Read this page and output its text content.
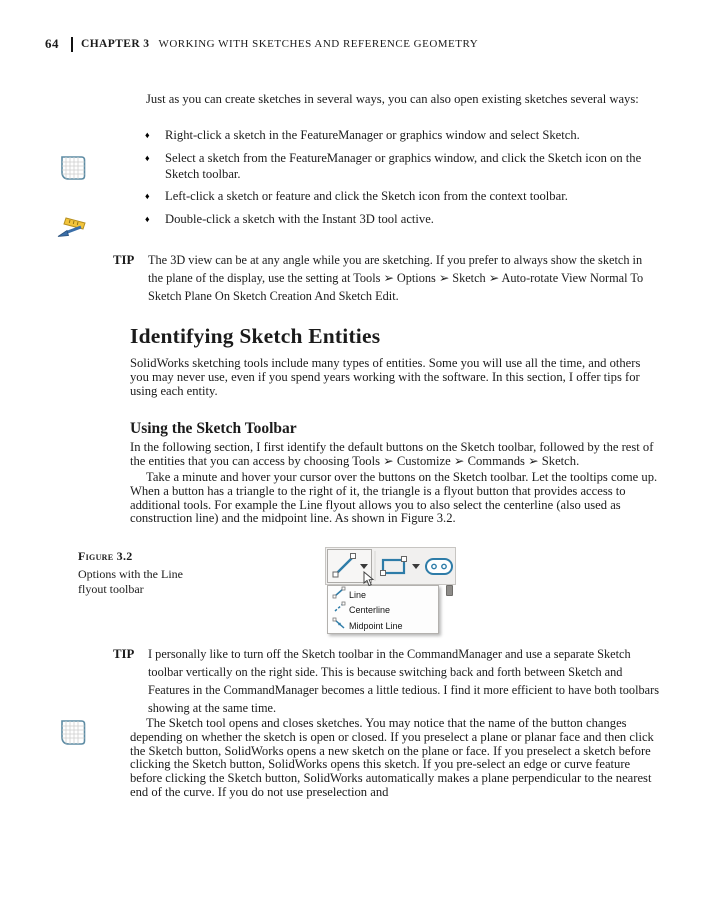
64 CHAPTER 3 WORKING WITH SKETCHES AND REFERENCE GEOMETRY
Just as you can create sketches in several ways, you can also open existing sketches several ways:
♦	Right-click a sketch in the FeatureManager or graphics window and select Sketch.
♦	Select a sketch from the FeatureManager or graphics window, and click the Sketch icon on the Sketch toolbar.
♦	Left-click a sketch or feature and click the Sketch icon from the context toolbar.
♦	Double-click a sketch with the Instant 3D tool active.
TIP	The 3D view can be at any angle while you are sketching. If you prefer to always show the sketch in the plane of the display, use the setting at Tools ➢ Options ➢ Sketch ➢ Auto-rotate View Normal To Sketch Plane On Sketch Creation And Sketch Edit.
Identifying Sketch Entities
SolidWorks sketching tools include many types of entities. Some you will use all the time, and others you may never use, even if you spend years working with the software. In this section, I offer tips for using each entity.
Using the Sketch Toolbar
In the following section, I first identify the default buttons on the Sketch toolbar, followed by the rest of the entities that you can access by choosing Tools ➢ Customize ➢ Commands ➢ Sketch.
Take a minute and hover your cursor over the buttons on the Sketch toolbar. Let the tooltips come up. When a button has a triangle to the right of it, the triangle is a flyout button that provides access to additional tools. For example the Line flyout allows you to also select the centerline (also used as construction line) and the midpoint line. As shown in Figure 3.2.
Figure 3.2
Options with the Line flyout toolbar	Line
Centerline
Midpoint Line
TIP	I personally like to turn off the Sketch toolbar in the CommandManager and use a separate Sketch toolbar vertically on the right side. This is because switching back and forth between Sketch and Features in the CommandManager becomes a little tedious. I find it more efficient to have both toolbars showing at the same time.
The Sketch tool opens and closes sketches. You may notice that the name of the button changes depending on whether the sketch is open or closed. If you preselect a plane or planar face and then click the Sketch button, SolidWorks opens a new sketch on the plane or face. If you preselect a sketch before clicking the Sketch button, SolidWorks opens this sketch. If you pre-select an edge or curve feature before clicking the Sketch button, SolidWorks automatically makes a plane perpendicular to the nearest end of the curve. If you do not use preselection and
